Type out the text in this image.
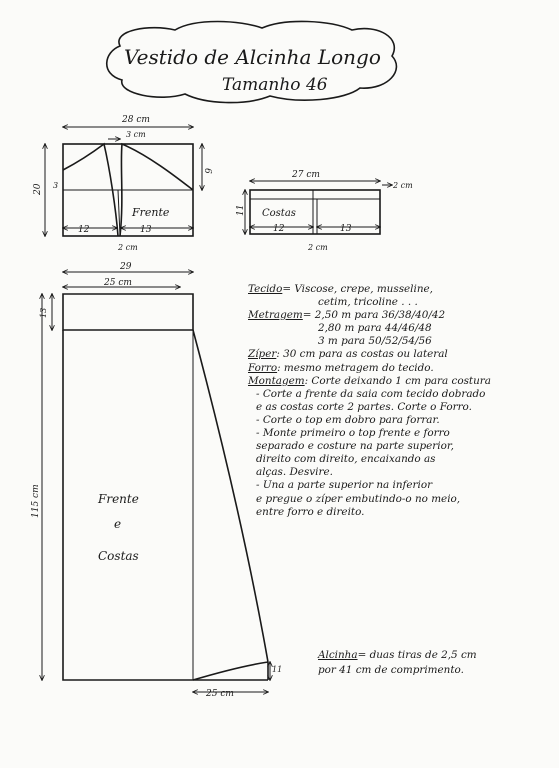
Vestido de Alcinha Longo
Tamanho 46
Frente
28 cm
3 cm
20
6
3
12	13
2 cm
Costas
27 cm
2 cm
11
12	13
2 cm
Frente
e
Costas
29
25 cm
13
115 cm
11
25 cm

Tecido= Viscose, crepe, musseline,

cetim, tricoline . . .

Metragem= 2,50 m para 36/38/40/42

2,80 m para 44/46/48

3 m para 50/52/54/56

Zíper: 30 cm para as costas ou lateral

Forro: mesmo metragem do tecido.

Montagem: Corte deixando 1 cm para costura

- Corte a frente da saia com tecido dobrado

e as costas corte 2 partes. Corte o Forro.

- Corte o top em dobro para forrar.

- Monte primeiro o top frente e forro

separado e costure na parte superior,

direito com direito, encaixando as

alças. Desvire.

- Una a parte superior na inferior

e pregue o zíper embutindo-o no meio,

entre forro e direito.

Alcinha= duas tiras de 2,5 cm

por 41 cm de comprimento.
